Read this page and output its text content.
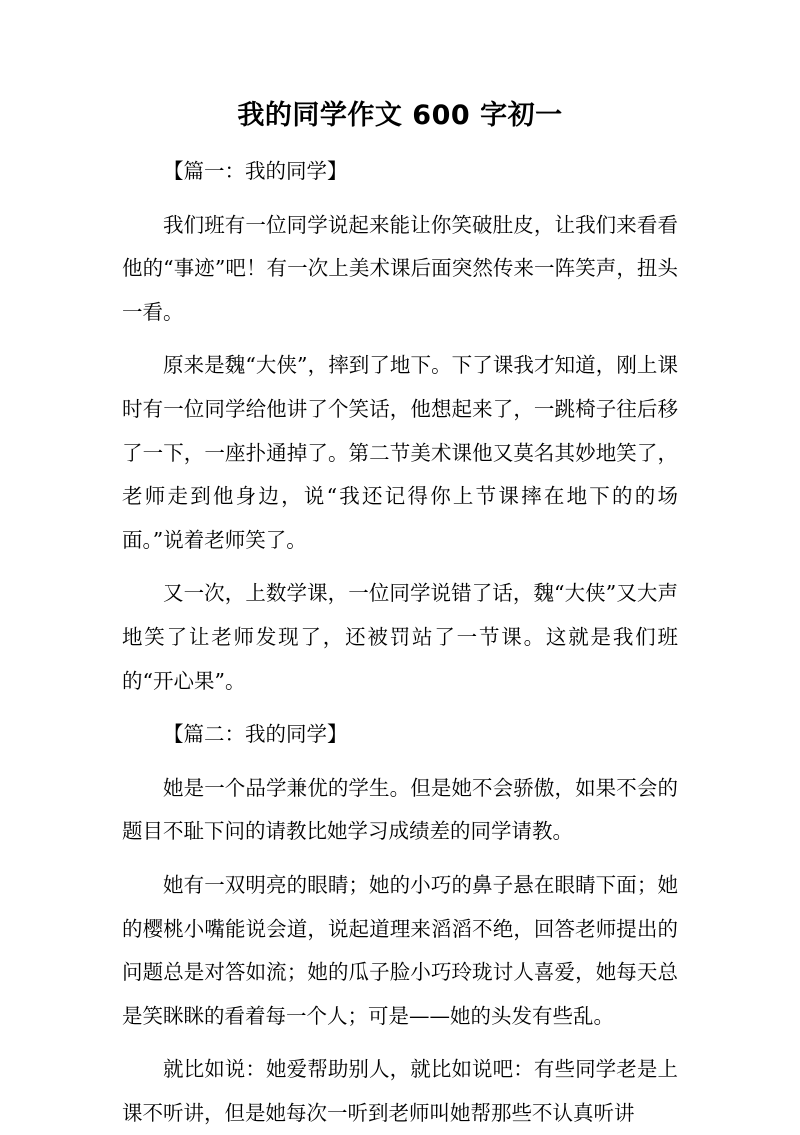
我的同学作文 600 字初一
【篇一：我的同学】
我们班有一位同学说起来能让你笑破肚皮，让我们来看看他的“事迹”吧！有一次上美术课后面突然传来一阵笑声，扭头一看。
原来是魏“大侠”，摔到了地下。下了课我才知道，刚上课时有一位同学给他讲了个笑话，他想起来了，一跳椅子往后移了一下，一座扑通掉了。第二节美术课他又莫名其妙地笑了，老师走到他身边，说“我还记得你上节课摔在地下的的场面。”说着老师笑了。
又一次，上数学课，一位同学说错了话，魏“大侠”又大声地笑了让老师发现了，还被罚站了一节课。这就是我们班的“开心果”。
【篇二：我的同学】
她是一个品学兼优的学生。但是她不会骄傲，如果不会的题目不耻下问的请教比她学习成绩差的同学请教。
她有一双明亮的眼睛；她的小巧的鼻子悬在眼睛下面；她的樱桃小嘴能说会道，说起道理来滔滔不绝，回答老师提出的问题总是对答如流；她的瓜子脸小巧玲珑讨人喜爱，她每天总是笑眯眯的看着每一个人；可是——她的头发有些乱。
就比如说：她爱帮助别人，就比如说吧：有些同学老是上课不听讲，但是她每次一听到老师叫她帮那些不认真听讲
